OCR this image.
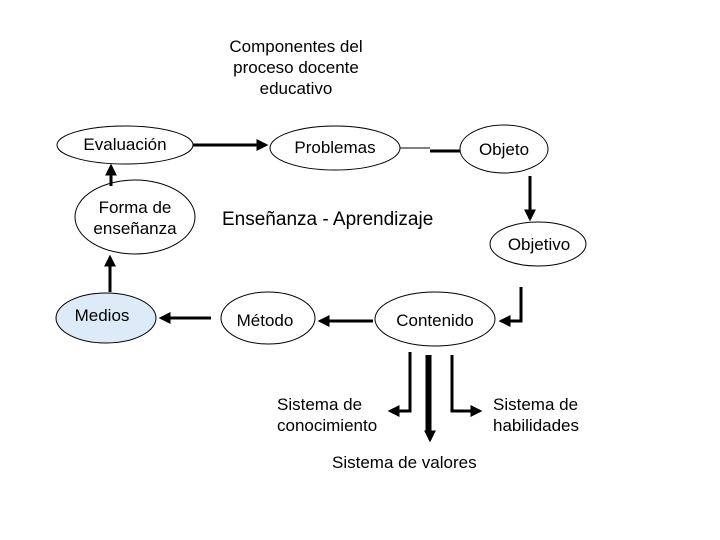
Componentes del
proceso docente
educativo
Evaluación	Problemas	Objeto
Forma de
enseñanza	Enseñanza - Aprendizaje
Objetivo
Medios	Método	Contenido
Sistema de
conocimiento
Sistema de
habilidades
Sistema de valores
